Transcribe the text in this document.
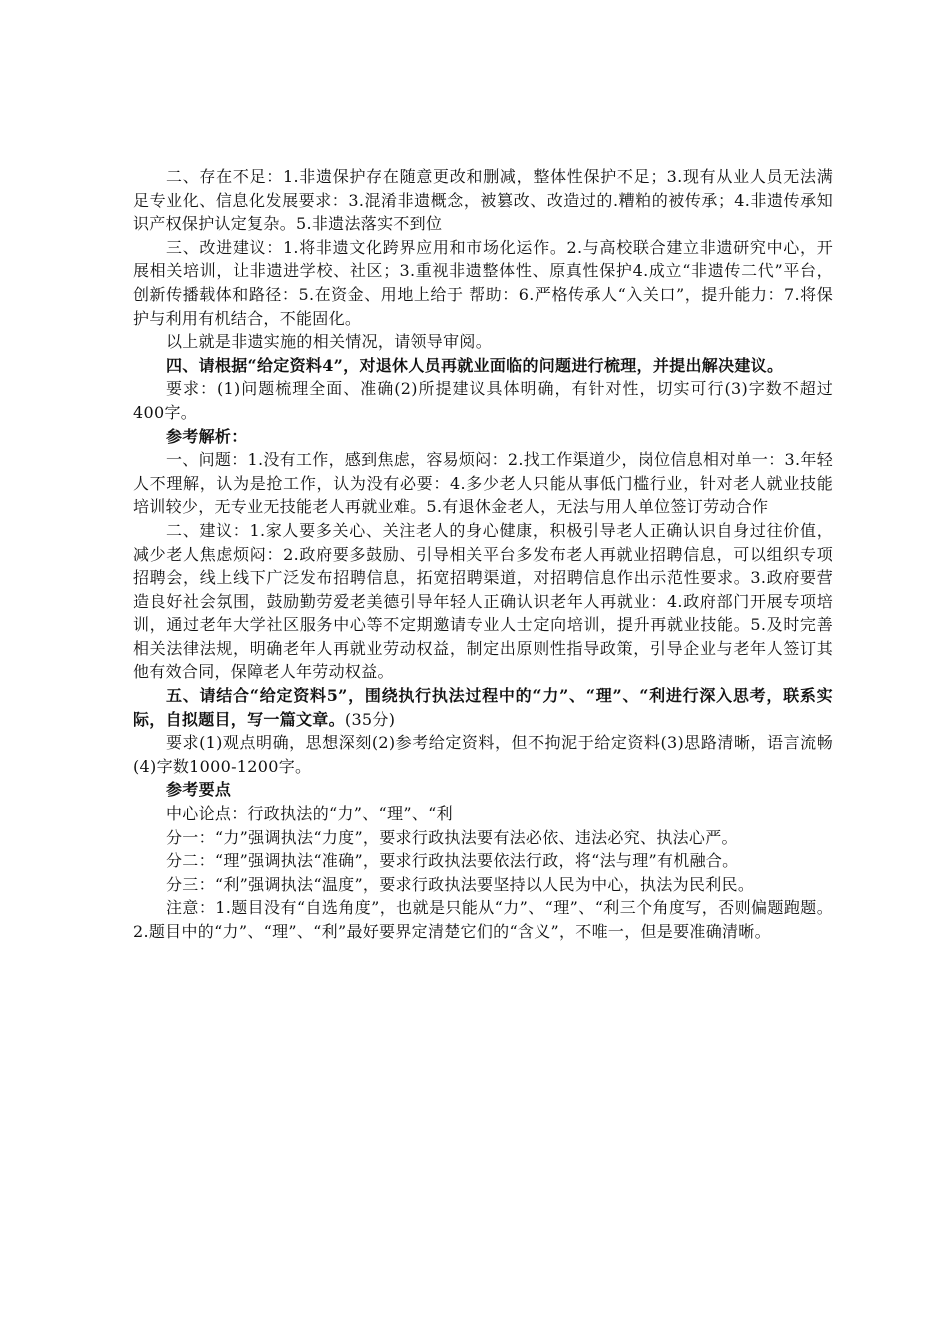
二、存在不足：1.非遗保护存在随意更改和删减，整体性保护不足；3.现有从业人员无法满足专业化、信息化发展要求：3.混淆非遗概念，被篡改、改造过的.糟粕的被传承；4.非遗传承知识产权保护认定复杂。5.非遗法落实不到位

三、改进建议：1.将非遗文化跨界应用和市场化运作。2.与高校联合建立非遗研究中心，开展相关培训，让非遗进学校、社区；3.重视非遗整体性、原真性保护4.成立“非遗传二代”平台，创新传播载体和路径：5.在资金、用地上给于 帮助：6.严格传承人“入关口”，提升能力：7.将保护与利用有机结合，不能固化。

以上就是非遗实施的相关情况，请领导审阅。

四、请根据“给定资料4”，对退休人员再就业面临的问题进行梳理，并提出解决建议。

要求：(1)问题梳理全面、准确(2)所提建议具体明确，有针对性，切实可行(3)字数不超过400字。

参考解析：

一、问题：1.没有工作，感到焦虑，容易烦闷：2.找工作渠道少，岗位信息相对单一：3.年轻人不理解，认为是抢工作，认为没有必要：4.多少老人只能从事低门槛行业，针对老人就业技能培训较少，无专业无技能老人再就业难。5.有退休金老人，无法与用人单位签订劳动合作

二、建议：1.家人要多关心、关注老人的身心健康，积极引导老人正确认识自身过往价值，减少老人焦虑烦闷：2.政府要多鼓励、引导相关平台多发布老人再就业招聘信息，可以组织专项招聘会，线上线下广泛发布招聘信息，拓宽招聘渠道，对招聘信息作出示范性要求。3.政府要营造良好社会氛围，鼓励勤劳爱老美德引导年轻人正确认识老年人再就业：4.政府部门开展专项培训，通过老年大学社区服务中心等不定期邀请专业人士定向培训，提升再就业技能。5.及时完善相关法律法规，明确老年人再就业劳动权益，制定出原则性指导政策，引导企业与老年人签订其他有效合同，保障老人年劳动权益。

五、请结合“给定资料5”，围绕执行执法过程中的“力”、“理”、“利进行深入思考，联系实际，自拟题目，写一篇文章。(35分)

要求(1)观点明确，思想深刻(2)参考给定资料，但不拘泥于给定资料(3)思路清晰，语言流畅(4)字数1000-1200字。

参考要点

中心论点：行政执法的“力”、“理”、“利

分一：“力”强调执法“力度”，要求行政执法要有法必依、违法必究、执法心严。

分二：“理”强调执法“准确”，要求行政执法要依法行政，将“法与理”有机融合。

分三：“利”强调执法“温度”，要求行政执法要坚持以人民为中心，执法为民利民。

注意：1.题目没有“自选角度”，也就是只能从“力”、“理”、“利三个角度写，否则偏题跑题。2.题目中的“力”、“理”、“利”最好要界定清楚它们的“含义”，不唯一，但是要准确清晰。
